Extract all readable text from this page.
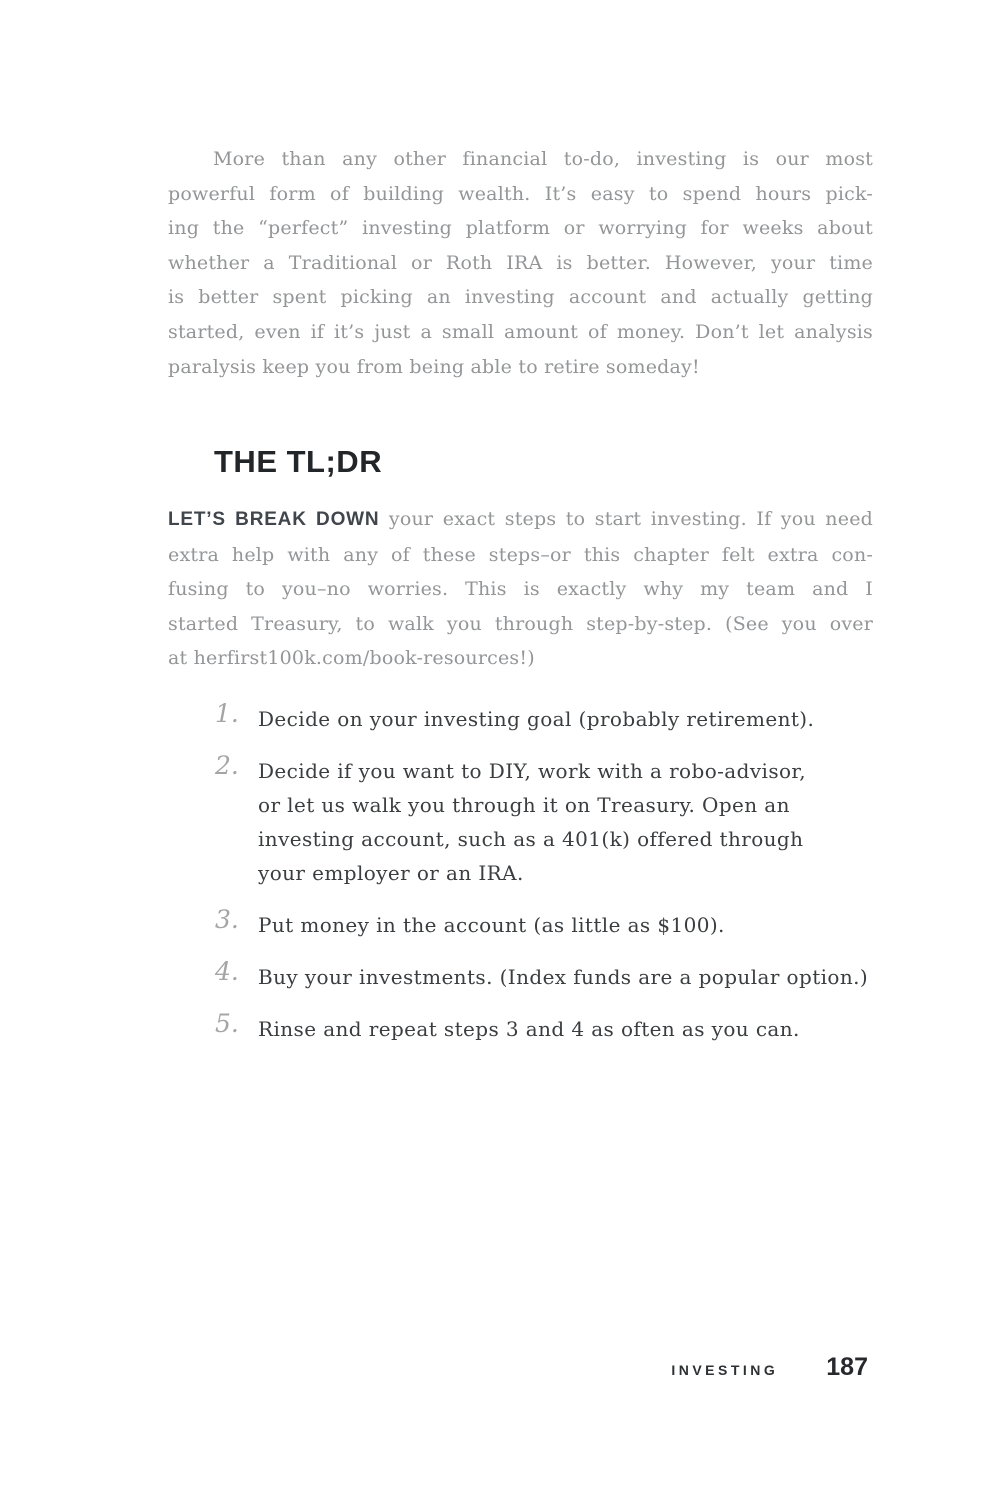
More than any other financial to-do, investing is our most
powerful form of building wealth. It’s easy to spend hours pick-
ing the “perfect” investing platform or worrying for weeks about
whether a Traditional or Roth IRA is better. However, your time
is better spent picking an investing account and actually getting
started, even if it’s just a small amount of money. Don’t let analysis
paralysis keep you from being able to retire someday!
THE TL;DR
LET’S BREAK DOWN your exact steps to start investing. If you need
extra help with any of these steps–or this chapter felt extra con-
fusing to you–no worries. This is exactly why my team and I
started Treasury, to walk you through step-by-step. (See you over
at herfirst100k.com/book-resources!)
1. Decide on your investing goal (probably retirement).
2. Decide if you want to DIY, work with a robo-advisor,
or let us walk you through it on Treasury. Open an
investing account, such as a 401(k) offered through
your employer or an IRA.
3. Put money in the account (as little as $100).
4. Buy your investments. (Index funds are a popular option.)
5. Rinse and repeat steps 3 and 4 as often as you can.
INVESTING 187
